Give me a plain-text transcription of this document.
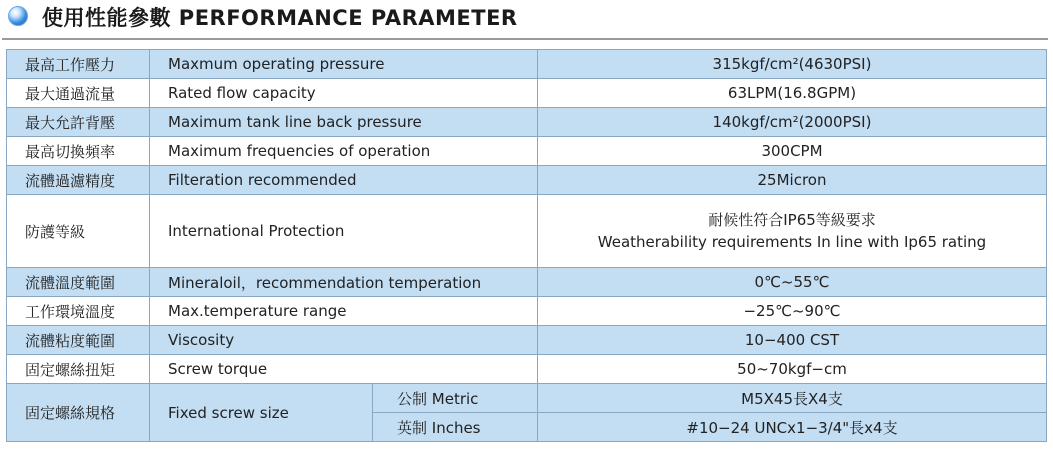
使用性能參數 PERFORMANCE PARAMETER
最高工作壓力	Maxmum operating pressure		315kgf/cm²(4630PSI)
最大通過流量	Rated flow capacity		63LPM(16.8GPM)
最大允許背壓	Maximum tank line back pressure		140kgf/cm²(2000PSI)
最高切換頻率	Maximum frequencies of operation		300CPM
流體過濾精度	Filteration recommended		25Micron
防護等級	International Protection		耐候性符合IP65等級要求
Weatherability requirements In line with Ip65 rating

流體溫度範圍	Mineraloil，recommendation temperation		0℃~55℃
工作環境溫度	Max.temperature range		−25℃~90℃
流體粘度範圍	Viscosity		10−400 CST
固定螺絲扭矩	Screw torque		50~70kgf−cm
固定螺絲規格	Fixed screw size	公制 Metric	M5X45長X4支
		英制 Inches	#10−24 UNCx1−3/4"長x4支
